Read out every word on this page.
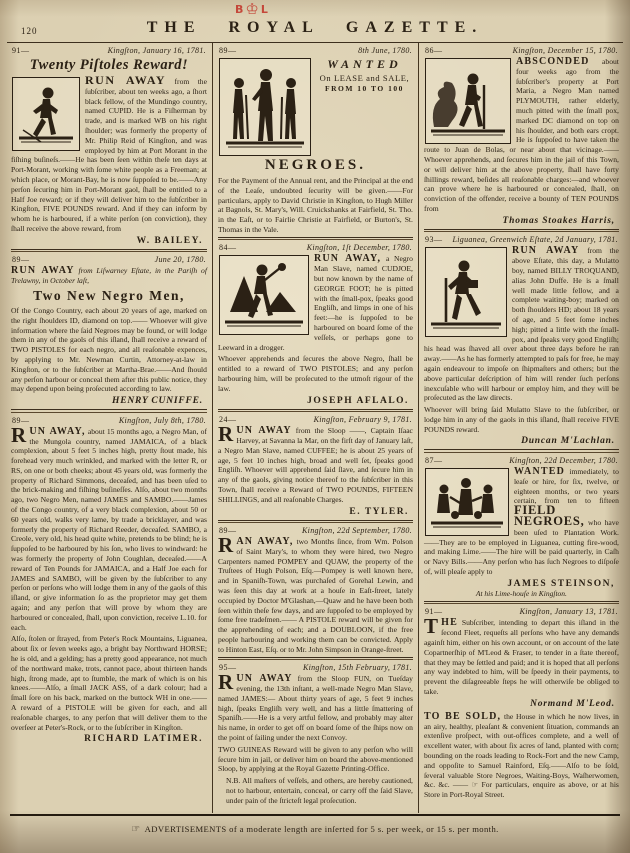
120	THE ROYAL GAZETTE.
B ♔ L
91—	Kingſton, January 16, 1781.
Twenty Piſtoles Reward!

RUN AWAY from the ſubſcriber, about ten weeks ago, a ſhort black fellow, of the Mundingo country, named CUPID. He is a Fiſherman by trade, and is marked WB on his right ſhoulder; was formerly the property of Mr. Philip Reid of Kingſton, and was employed by him at Port Morant in the fiſhing buſineſs.——He has been ſeen within theſe ten days at Port-Morant, working with ſome white people as a Freeman; at which place, or Morant-Bay, he is now ſuppoſed to be.——Any perſon ſecuring him in Port-Morant gaol, ſhall be entitled to a Half Joe reward; or if they will deliver him to the ſubſcriber in Kingſton, FIVE POUNDS reward. And if they can inform by whom he is harboured, if a white perſon (on conviction), they ſhall receive the above reward, from

W. BAILEY.
89—	June 20, 1780.

RUN AWAY from Liſwarney Eſtate, in the Pariſh of Trelawny, in October laſt,

Two New Negro Men,

Of the Congo Country, each about 20 years of age, marked on the right ſhoulders ID, diamond on top.—— Whoever will give information where the ſaid Negroes may be found, or will lodge them in any of the gaols of this iſland, ſhall receive a reward of TWO PISTOLES for each negro, and all reaſonable expences, by applying to Mr. Newman Curtin, Attorney-at-law in Kingſton, or to the ſubſcriber at Martha-Brae.——And ſhould any perſon harbour or conceal them after this public notice, they may depend upon being proſecuted according to law.

HENRY CUNIFFE.
89—	Kingſton, July 8th, 1780.

RUN AWAY, about 15 months ago, a Negro Man, of the Mungola country, named JAMAICA, of a black complexion, about 5 feet 5 inches high, pretty ſtout made, his forehead very much wrinkled, and marked with the letter R, or RS, on one or both cheeks; about 45 years old, was formerly the property of Richard Simmons, deceaſed, and has been uſed to the brick-making and fiſhing buſineſſes. Alſo, about two months ago, two Negro Men, named JAMES and SAMBO.——James of the Congo country, of a very black complexion, about 50 or 60 years old, walks very lame, by trade a bricklayer, and was formerly the property of Richard Reeder, deceaſed. SAMBO, a Creole, very old, his head quite white, pretends to be blind; he is ſuppoſed to be harboured by his ſon, who lives to windward: he was formerly the property of John Coughlan, deceaſed.——A reward of Ten Pounds for JAMAICA, and a Half Joe each for JAMES and SAMBO, will be given by the ſubſcriber to any perſon or perſons who will lodge them in any of the gaols of this iſland, or give information ſo as the proprietor may get them again; and any perſon that will prove by whom they are harboured or concealed, ſhall, upon conviction, receive L.10. for each.

Alſo, ſtolen or ſtrayed, from Peter's Rock Mountains, Liguanea, about ſix or ſeven weeks ago, a bright bay Northward HORSE; he is old, and a gelding; has a pretty good appearance, not much of the northward make, trots, cannot pace, about thirteen hands high, ſtrong made, apt to ſtumble, the mark of which is on his knees.——Alſo, a ſmall JACK ASS, of a dark colour; had a ſmall ſore on his back, marked on the buttock WH in one.—— A reward of a PISTOLE will be given for each, and all reaſonable charges, to any perſon that will deliver them to the overſeer at Peter's-Rock, or to the ſubſcriber in Kingſton.

RICHARD LATIMER.
89—	8th June, 1780.
WANTED

On LEASE and SALE,

FROM 10 TO 100

NEGROES.

For the Payment of the Annual rent, and the Principal at the end of the Leaſe, undoubted ſecurity will be given.——For particulars, apply to David Christie in Kingſton, to Hugh Miller at Bagnols, St. Mary's, Will. Cruickshanks at Fairfield, St. Tho. in the Eaſt, or to Fairlie Christie at Fairfield, or Burton's, St. Thomas in the Vale.

84—	Kingſton, 1ſt December, 1780.

RUN AWAY, a Negro Man Slave, named CUDJOE, but now known by the name of GEORGE FOOT; he is pitted with the ſmall-pox, ſpeaks good Engliſh, and limps in one of his feet:—he is ſuppoſed to be harboured on board ſome of the veſſels, or perhaps gone to Leeward in a drogger.

Whoever apprehends and ſecures the above Negro, ſhall be entitled to a reward of TWO PISTOLES; and any perſon harbouring him, will be proſecuted to the utmoſt rigour of the law.

JOSEPH AFLALO.
24—	Kingſton, February 9, 1781.

RUN AWAY from the Sloop ——, Captain Iſaac Harvey, at Savanna la Mar, on the firſt day of January laſt, a Negro Man Slave, named CUFFEE; he is about 25 years of age, 5 feet 10 inches high, broad and well ſet, ſpeaks good Engliſh. Whoever will apprehend ſaid ſlave, and ſecure him in any of the gaols, giving notice thereof to the ſubſcriber in this Town, ſhall receive a Reward of TWO POUNDS, FIFTEEN SHILLINGS, and all reaſonable Charges.

E. TYLER.
89—	Kingſton, 22d September, 1780.

RAN AWAY, two Months ſince, from Wm. Polson of Saint Mary's, to whom they were hired, two Negro Carpenters named POMPEY and QUAW, the property of the Truſtees of Hugh Polson, Eſq.—Pompey is well known here, and in Spaniſh-Town, was purchaſed of Gorehal Lewin, and was ſeen this day at work at a houſe in Eaſt-ſtreet, lately occupied by Doctor M'Glashan,—Quaw and he have been both ſeen within theſe few days, and are ſuppoſed to be employed by ſome free tradeſmen.—— A PISTOLE reward will be given for the apprehending of each; and a DOUBLOON, if the free people harbouring and working them can be convicted. Apply to Hinton East, Eſq. or to Mr. John Simpson in Orange-ſtreet.

95—	Kingſton, 15th February, 1781.

RUN AWAY from the Sloop FUN, on Tueſday evening, the 13th inſtant, a well-made Negro Man Slave, named JAMES:— About thirty years of age, 5 feet 9 inches high, ſpeaks Engliſh very well, and has a little ſmattering of Spaniſh.——He is a very artful fellow, and probably may alter his name, in order to get off on board ſome of the ſhips now on the point of ſailing under the next Convoy.

TWO GUINEAS Reward will be given to any perſon who will ſecure him in jail, or deliver him on board the above-mentioned Sloop, by applying at the Royal Gazette Printing-Office.

N.B. All maſters of veſſels, and others, are hereby cautioned, not to harbour, entertain, conceal, or carry off the ſaid Slave, under pain of the ſtricteſt legal proſecution.

86—	Kingſton, December 15, 1780.

ABSCONDED about four weeks ago from the ſubſcriber's property at Port Maria, a Negro Man named PLYMOUTH, rather elderly, much pitted with the ſmall pox, marked DC diamond on top on his ſhoulder, and both ears cropt. He is ſuppoſed to have taken the route to Juan de Bolas, or near about that vicinage.——Whoever apprehends, and ſecures him in the jail of this Town, or will deliver him at the above property, ſhall have forty ſhillings reward, beſides all reaſonable charges:—and whoever can prove where he is harboured or concealed, ſhall, on conviction of the offender, receive a bounty of TEN POUNDS from

Thomas Stoakes Harris,
93— Liguanea, Greenwich Eſtate, 2d January, 1781.

RUN AWAY from the above Eſtate, this day, a Mulatto boy, named BILLY TROQUAND, alias John Duffe. He is a ſmall well made little fellow, and a complete waiting-boy; marked on both ſhoulders HD; about 18 years of age, and 5 feet ſome inches high; pitted a little with the ſmall-pox, and ſpeaks very good Engliſh; his head was ſhaved all over about three days before he ran away.——As he has formerly attempted to paſs for free, he may again endeavour to impoſe on ſhipmaſters and others; but the above particular deſcription of him will render ſuch perſons inexcuſable who will harbour or employ him, and they will be proſecuted as the law directs.

Whoever will bring ſaid Mulatto Slave to the ſubſcriber, or lodge him in any of the gaols in this iſland, ſhall receive FIVE POUNDS reward.

Duncan M'Lachlan.
87—	Kingſton, 22d December, 1780.

WANTED immediately, to leaſe or hire, for ſix, twelve, or eighteen months, or two years certain, from ten to fifteen FIELD NEGROES, who have been uſed to Plantation Work.——They are to be employed in Liguanea, cutting fire-wood, and making Lime.——The hire will be paid quarterly, in Caſh or Navy Bills.——Any perſon who has ſuch Negroes to diſpoſe of, will pleaſe apply to

JAMES STEINSON,
At his Lime-houſe in Kingſton.
91—	Kingſton, January 13, 1781.

THE Subſcriber, intending to depart this iſland in the ſecond Fleet, requeſts all perſons who have any demands againſt him, either on his own account, or on account of the late Copartnerſhip of M'Leod & Fraser, to tender in a ſtate thereof, that they may be ſettled and paid; and it is hoped that all perſons any way indebted to him, will be ſpeedy in their payments, to prevent the diſagreeable ſteps he will otherwiſe be obliged to take.

Normand M'Leod.

TO BE SOLD, the House in which he now lives, in an airy, healthy, pleaſant & convenient ſituation, commands an extenſive proſpect, with out-offices complete, and a well of excellent water, with about ſix acres of land, planted with corn; bounding on the roads leading to Rock-Fort and the new Camp, and oppoſite to Samuel Rainford, Eſq.——Alſo to be ſold, ſeveral valuable Store Negroes, Waiting-Boys, Waſherwomen, &c. &c. —— ☞ For particulars, enquire as above, or at his Store in Port-Royal Street.

☞ ADVERTISEMENTS of a moderate length are inſerted for 5 s. per week, or 15 s. per month.
